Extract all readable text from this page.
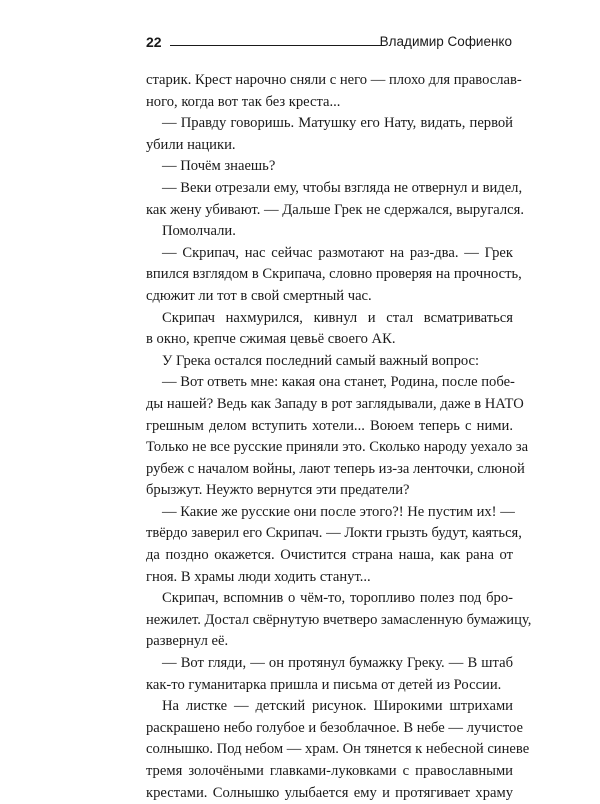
22	Владимир Софиенко
старик. Крест нарочно сняли с него — плохо для православ-
ного, когда вот так без креста...
— Правду говоришь. Матушку его Нату, видать, первой
убили нацики.
— Почём знаешь?
— Веки отрезали ему, чтобы взгляда не отвернул и видел,
как жену убивают. — Дальше Грек не сдержался, выругался.
Помолчали.
— Скрипач, нас сейчас размотают на раз-два. — Грек
впился взглядом в Скрипача, словно проверяя на прочность,
сдюжит ли тот в свой смертный час.
Скрипач нахмурился, кивнул и стал всматриваться
в окно, крепче сжимая цевьё своего АК.
У Грека остался последний самый важный вопрос:
— Вот ответь мне: какая она станет, Родина, после побе-
ды нашей? Ведь как Западу в рот заглядывали, даже в НАТО
грешным делом вступить хотели... Воюем теперь с ними.
Только не все русские приняли это. Сколько народу уехало за
рубеж с началом войны, лают теперь из-за ленточки, слюной
брызжут. Неужто вернутся эти предатели?
— Какие же русские они после этого?! Не пустим их! —
твёрдо заверил его Скрипач. — Локти грызть будут, каяться,
да поздно окажется. Очистится страна наша, как рана от
гноя. В храмы люди ходить станут...
Скрипач, вспомнив о чём-то, торопливо полез под бро-
нежилет. Достал свёрнутую вчетверо замасленную бумажицу,
развернул её.
— Вот гляди, — он протянул бумажку Греку. — В штаб
как-то гуманитарка пришла и письма от детей из России.
На листке — детский рисунок. Широкими штрихами
раскрашено небо голубое и безоблачное. В небе — лучистое
солнышко. Под небом — храм. Он тянется к небесной синеве
тремя золочёными главками-луковками с православными
крестами. Солнышко улыбается ему и протягивает храму
